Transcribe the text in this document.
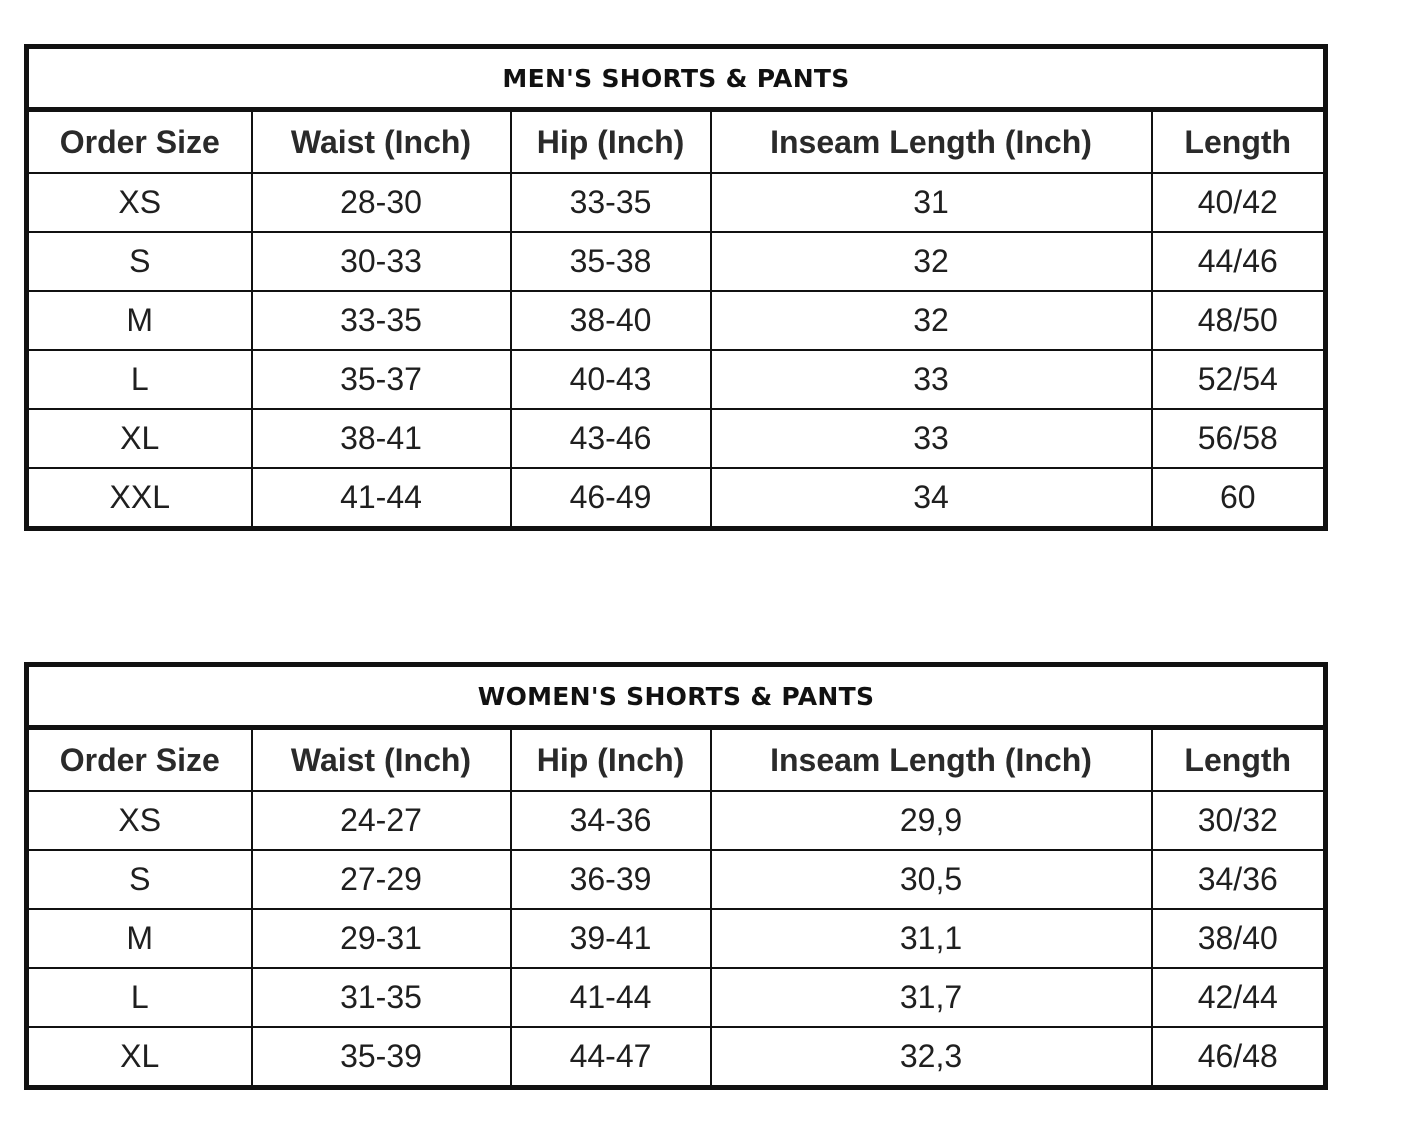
MEN'S SHORTS & PANTS				
Order Size	Waist (Inch)	Hip (Inch)	Inseam Length (Inch)	Length
XS	28-30	33-35	31	40/42
S	30-33	35-38	32	44/46
M	33-35	38-40	32	48/50
L	35-37	40-43	33	52/54
XL	38-41	43-46	33	56/58
XXL	41-44	46-49	34	60
WOMEN'S SHORTS & PANTS				
Order Size	Waist (Inch)	Hip (Inch)	Inseam Length (Inch)	Length
XS	24-27	34-36	29,9	30/32
S	27-29	36-39	30,5	34/36
M	29-31	39-41	31,1	38/40
L	31-35	41-44	31,7	42/44
XL	35-39	44-47	32,3	46/48
